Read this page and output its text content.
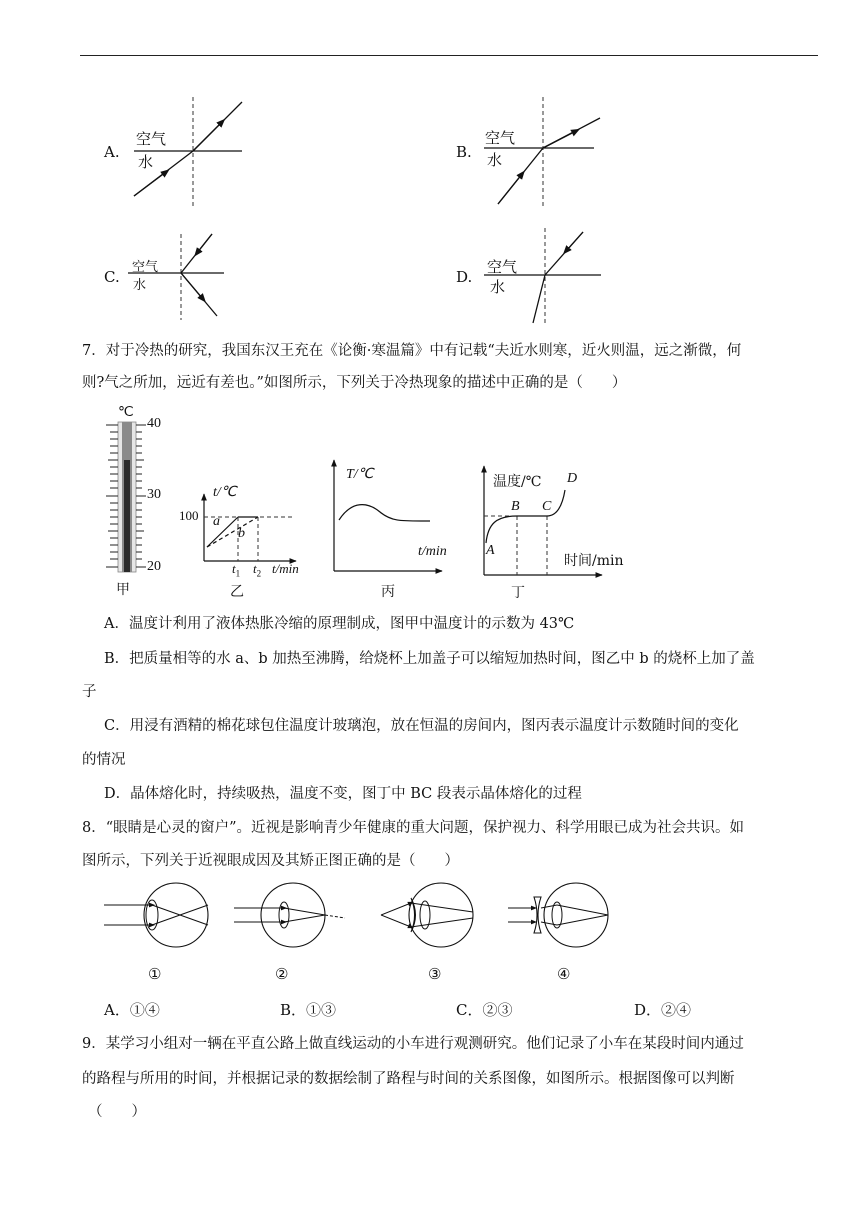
A.
空气
水
B.
空气
水
C.
空气
水	D.
空气
水
7．对于冷热的研究，我国东汉王充在《论衡·寒温篇》中有记载“夫近水则寒，近火则温，远之渐微，何
则?气之所加，远近有差也。”如图所示，下列关于冷热现象的描述中正确的是（　　）
℃
40
30
20
甲
t/℃
100 a
b
$t_1$ $t_2$ t/min
乙
T/℃
t/min
丙
温度/℃
A
B C
D
时间/min
丁
A．温度计利用了液体热胀冷缩的原理制成，图甲中温度计的示数为 43℃
B．把质量相等的水 a、b 加热至沸腾，给烧杯上加盖子可以缩短加热时间，图乙中 b 的烧杯上加了盖
子
C．用浸有酒精的棉花球包住温度计玻璃泡，放在恒温的房间内，图丙表示温度计示数随时间的变化
的情况
D．晶体熔化时，持续吸热，温度不变，图丁中 BC 段表示晶体熔化的过程
8．“眼睛是心灵的窗户”。近视是影响青少年健康的重大问题，保护视力、科学用眼已成为社会共识。如
图所示，下列关于近视眼成因及其矫正图正确的是（　　）
①	②	③	④
A．①④	B．①③	C．②③	D．②④
9．某学习小组对一辆在平直公路上做直线运动的小车进行观测研究。他们记录了小车在某段时间内通过
的路程与所用的时间，并根据记录的数据绘制了路程与时间的关系图像，如图所示。根据图像可以判断
（　　）
